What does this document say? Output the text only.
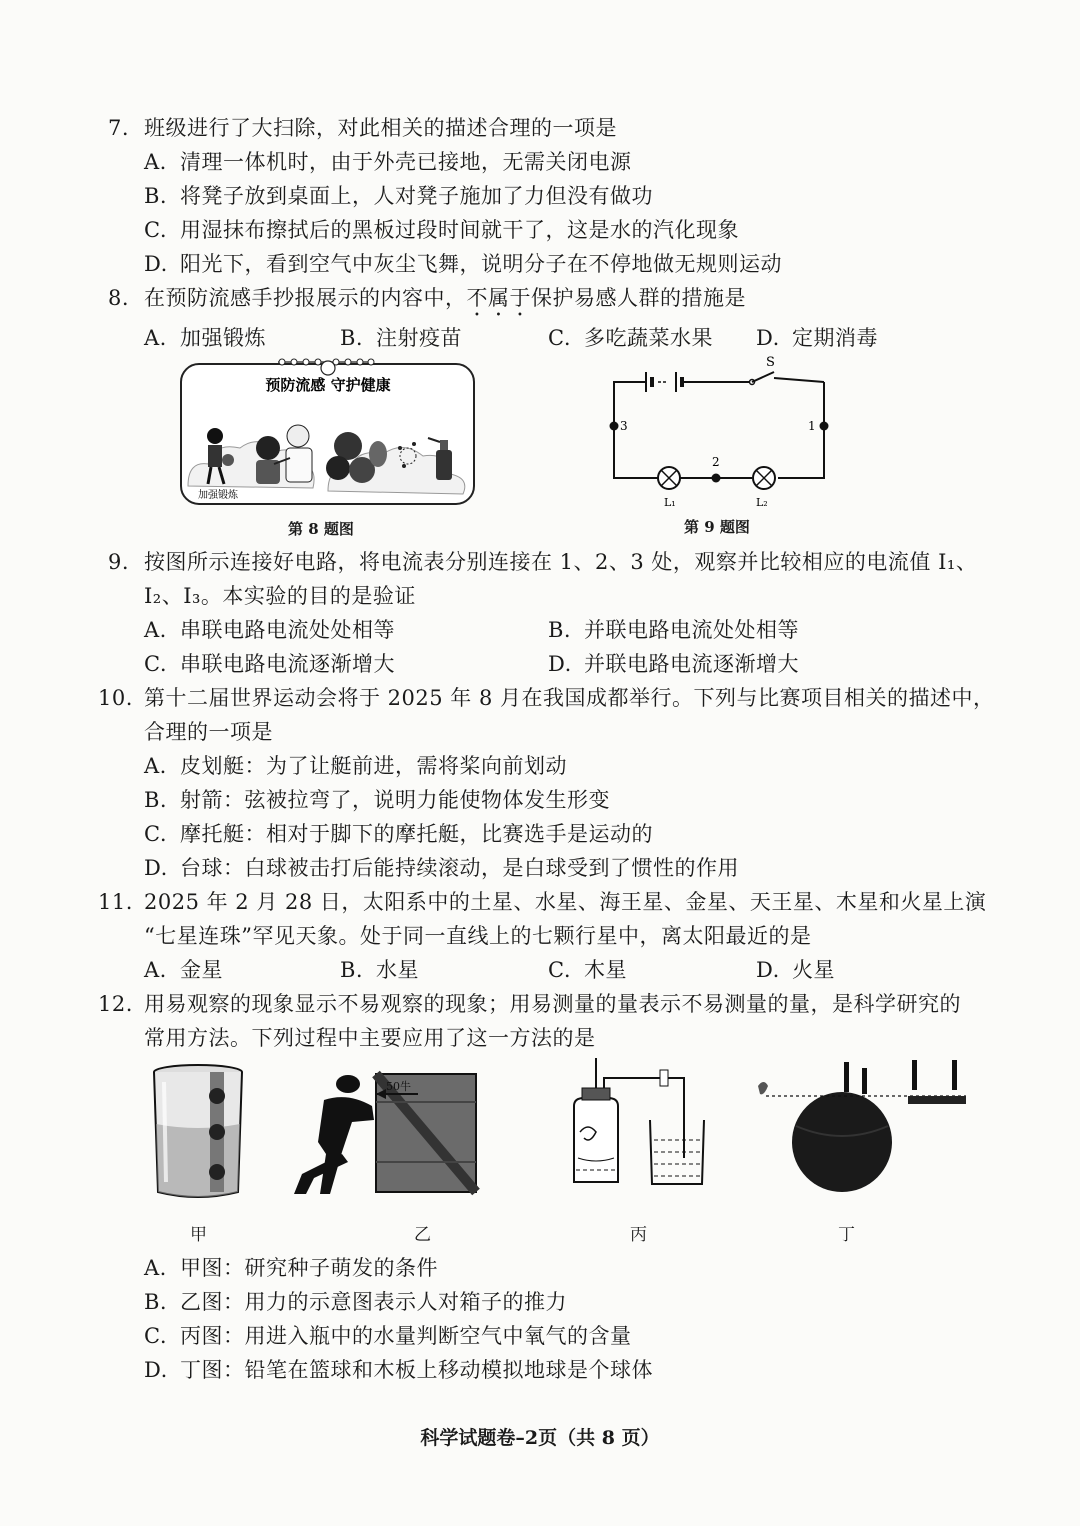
7. 班级进行了大扫除，对此相关的描述合理的一项是
A. 清理一体机时，由于外壳已接地，无需关闭电源
B. 将凳子放到桌面上，人对凳子施加了力但没有做功
C. 用湿抹布擦拭后的黑板过段时间就干了，这是水的汽化现象
D. 阳光下，看到空气中灰尘飞舞，说明分子在不停地做无规则运动
8. 在预防流感手抄报展示的内容中，不属于保护易感人群的措施是
A. 加强锻炼	B. 注射疫苗	C. 多吃蔬菜水果 D. 定期消毒
预防流感 守护健康
加强锻炼
第 8 题图
S
3	1
2
L₁	L₂
第 9 题图
9. 按图所示连接好电路，将电流表分别连接在 1、2、3 处，观察并比较相应的电流值 I₁、
I₂、I₃。本实验的目的是验证
A. 串联电路电流处处相等	B. 并联电路电流处处相等
C. 串联电路电流逐渐增大	D. 并联电路电流逐渐增大
10. 第十二届世界运动会将于 2025 年 8 月在我国成都举行。下列与比赛项目相关的描述中，
合理的一项是
A. 皮划艇：为了让艇前进，需将桨向前划动
B. 射箭：弦被拉弯了，说明力能使物体发生形变
C. 摩托艇：相对于脚下的摩托艇，比赛选手是运动的
D. 台球：白球被击打后能持续滚动，是白球受到了惯性的作用
11. 2025 年 2 月 28 日，太阳系中的土星、水星、海王星、金星、天王星、木星和火星上演
“七星连珠”罕见天象。处于同一直线上的七颗行星中，离太阳最近的是
A. 金星	B. 水星	C. 木星	D. 火星
12. 用易观察的现象显示不易观察的现象；用易测量的量表示不易测量的量，是科学研究的
常用方法。下列过程中主要应用了这一方法的是
50牛
甲	乙	丙	丁
A. 甲图：研究种子萌发的条件
B. 乙图：用力的示意图表示人对箱子的推力
C. 丙图：用进入瓶中的水量判断空气中氧气的含量
D. 丁图：铅笔在篮球和木板上移动模拟地球是个球体
科学试题卷–2页（共 8 页）
